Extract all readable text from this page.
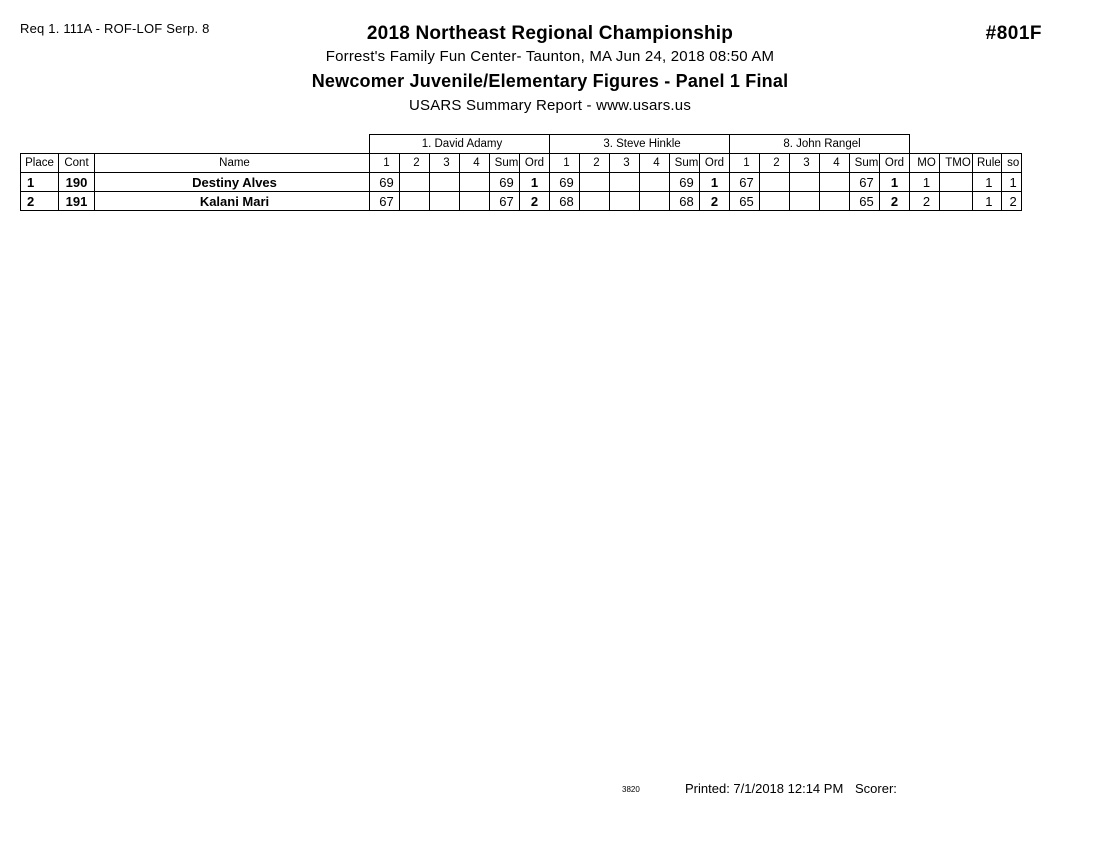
Req 1. 111A - ROF-LOF Serp. 8	#801F
2018 Northeast Regional Championship
Forrest's Family Fun Center- Taunton, MA Jun 24, 2018 08:50 AM
Newcomer Juvenile/Elementary Figures - Panel 1 Final
USARS Summary Report - www.usars.us
			1. David Adamy						3. Steve Hinkle						8. John Rangel									
Place	Cont	Name	1	2	3	4	Sum	Ord	1	2	3	4	Sum	Ord	1	2	3	4	Sum	Ord	MO	TMO	Rule	so
1	190	Destiny Alves	69				69	1	69				69	1	67				67	1	1		1	1
2	191	Kalani Mari	67				67	2	68				68	2	65				65	2	2		1	2
3820	Printed: 7/1/2018 12:14 PM Scorer:
